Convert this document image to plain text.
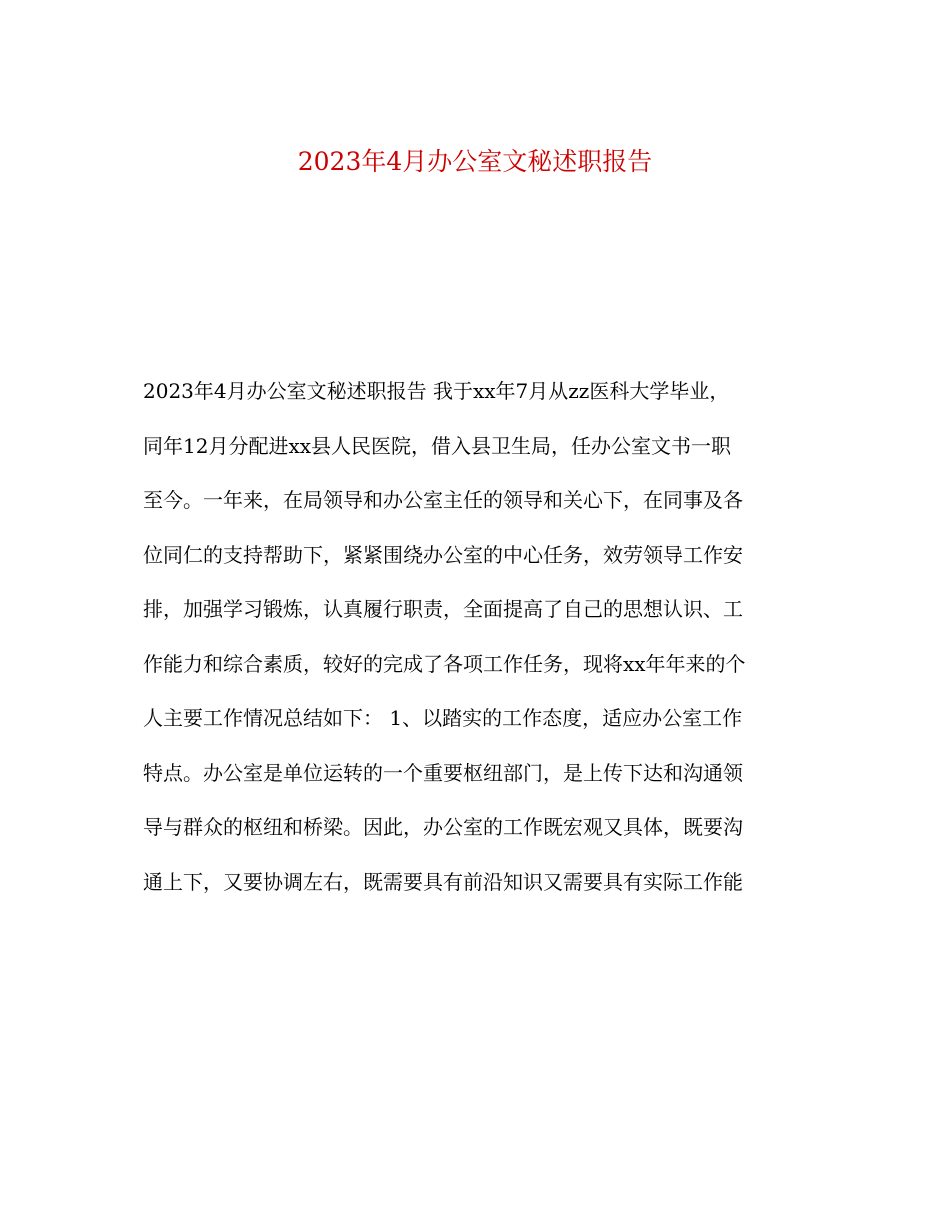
2023年4月办公室文秘述职报告
2023年4月办公室文秘述职报告 我于xx年7月从zz医科大学毕业，
同年12月分配进xx县人民医院，借入县卫生局，任办公室文书一职
至今。一年来，在局领导和办公室主任的领导和关心下，在同事及各
位同仁的支持帮助下，紧紧围绕办公室的中心任务，效劳领导工作安
排，加强学习锻炼，认真履行职责，全面提高了自己的思想认识、工
作能力和综合素质，较好的完成了各项工作任务，现将xx年年来的个
人主要工作情况总结如下： 1、以踏实的工作态度，适应办公室工作
特点。办公室是单位运转的一个重要枢纽部门，是上传下达和沟通领
导与群众的枢纽和桥梁。因此，办公室的工作既宏观又具体，既要沟
通上下，又要协调左右，既需要具有前沿知识又需要具有实际工作能
